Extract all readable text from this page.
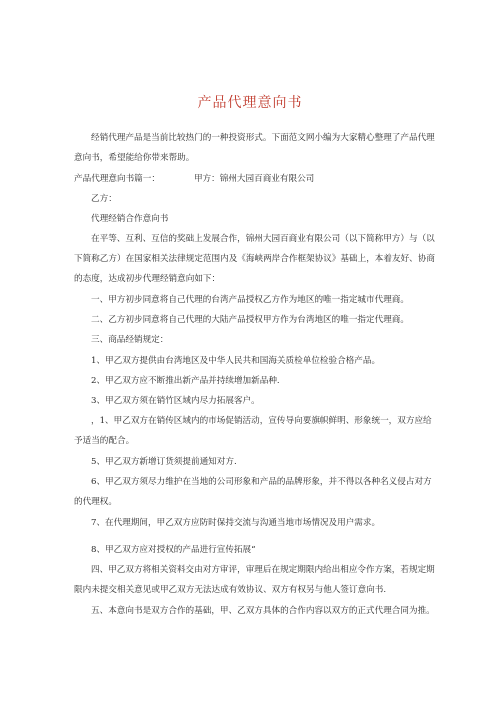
产品代理意向书
经销代理产品是当前比较热门的一种投资形式。下面范文网小编为大家精心整理了产品代理意向书，希望能给你带来帮助。
产品代理意向书篇一：	甲方：锦州大园百商业有限公司
乙方：
代理经销合作意向书
在平等、互利、互信的奖础上发展合作，锦州大园百商业有限公司（以下简称甲方）与（以下简称乙方）在国家相关法律规定范围内及《海峡两岸合作框架协议》基础上，本着友好、协商的态度，达成初步代理经销意向如下：
一、甲方初步同意将自己代理的台湾产品授权乙方作为地区的唯一指定城市代理商。
二、乙方初步同意将自己代理的大陆产品授权甲方作为台湾地区的唯一指定代理商。
三、商品经销规定：
1、甲乙双方提供由台湾地区及中华人民共和国海关质检单位检验合格产品。
2、甲乙双方应不断推出新产品并持续增加新品种.
3、甲乙双方须在销竹区域内尽力拓展客户。
，1、甲乙双方在销传区域内的市场促销活动，宣传导向要旗帜鲜明、形象统一，双方应给予适当的配合。
5、甲乙双方新增订货须提前通知对方.
6、甲乙双方须尽力维护在当地的公司形象和产品的品牌形象，并不得以各种名义侵占对方的代理权。
7、在代理期间，甲乙双方应防时保持交流与沟通当地市场情况及用户需求。
8、甲乙双方应对授权的产品进行宣传拓展“
四、甲乙双方将相关资料交由对方审评，审理后在规定期限内给出相应令作方案，若规定期限内未提交相关意见或甲乙双方无法达成有效协议、双方有权另与他人签订意向书.
五、本意向书是双方合作的基础，甲、乙双方具体的合作内容以双方的正式代理合同为推。
